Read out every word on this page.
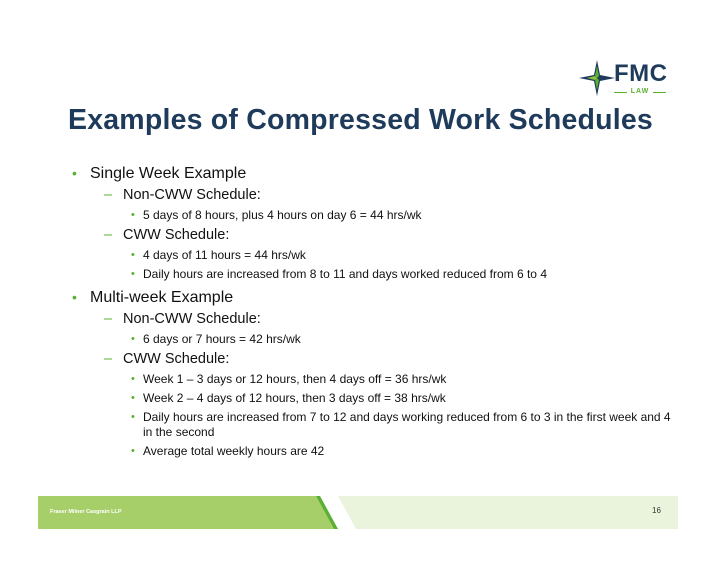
FMC
LAW
Examples of Compressed Work Schedules
• Single Week Example
– Non-CWW Schedule:
• 5 days of 8 hours, plus 4 hours on day 6 = 44 hrs/wk
– CWW Schedule:
• 4 days of 11 hours = 44 hrs/wk
• Daily hours are increased from 8 to 11 and days worked reduced from 6 to 4
• Multi-week Example
– Non-CWW Schedule:
• 6 days or 7 hours = 42 hrs/wk
– CWW Schedule:
• Week 1 – 3 days or 12 hours, then 4 days off = 36 hrs/wk
• Week 2 – 4 days of 12 hours, then 3 days off = 38 hrs/wk
• Daily hours are increased from 7 to 12 and days working reduced from 6 to 3 in the first week and 4 in the second
• Average total weekly hours are 42
Fraser Milner Casgrain LLP	16
